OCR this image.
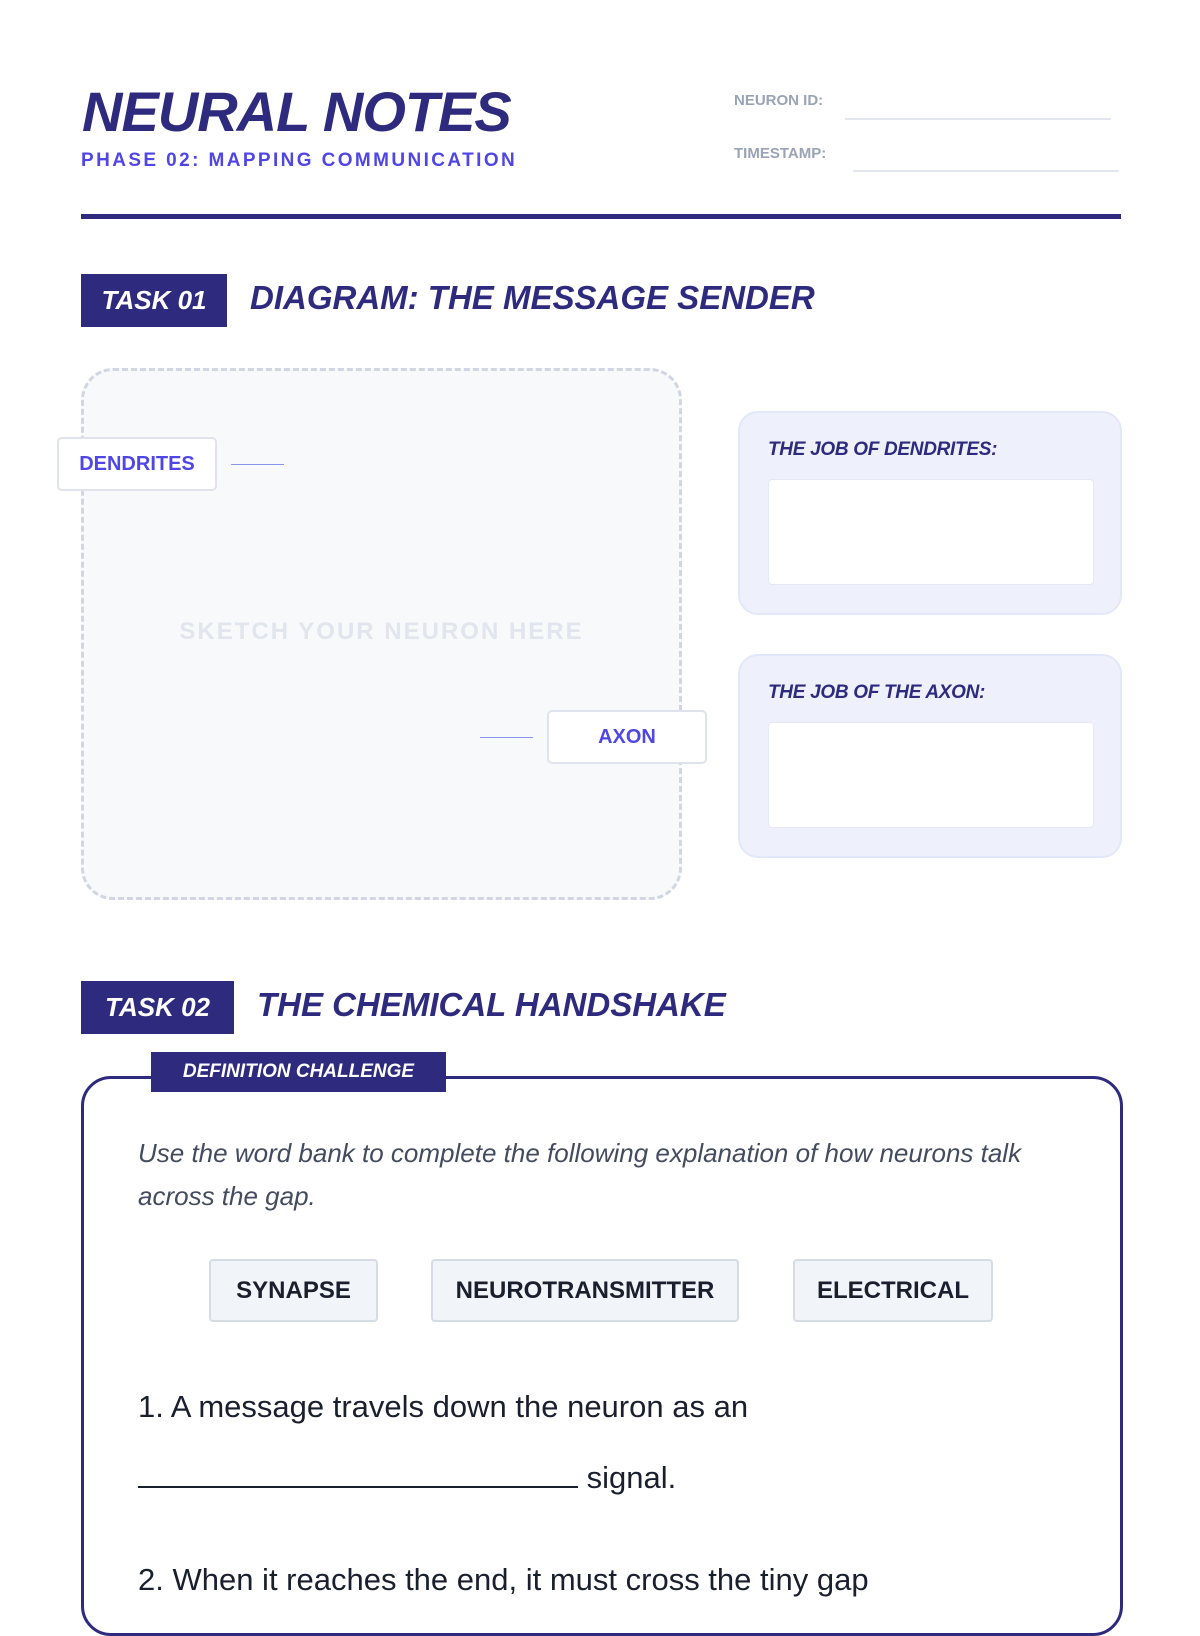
NEURAL NOTES
PHASE 02: MAPPING COMMUNICATION
NEURON ID:
TIMESTAMP:
TASK 01	DIAGRAM: THE MESSAGE SENDER
SKETCH YOUR NEURON HERE
DENDRITES
AXON
THE JOB OF DENDRITES:
THE JOB OF THE AXON:
TASK 02	THE CHEMICAL HANDSHAKE
DEFINITION CHALLENGE
Use the word bank to complete the following explanation of how neurons talk across the gap.
SYNAPSE	NEUROTRANSMITTER	ELECTRICAL
1. A message travels down the neuron as an
signal.
2. When it reaches the end, it must cross the tiny gap
